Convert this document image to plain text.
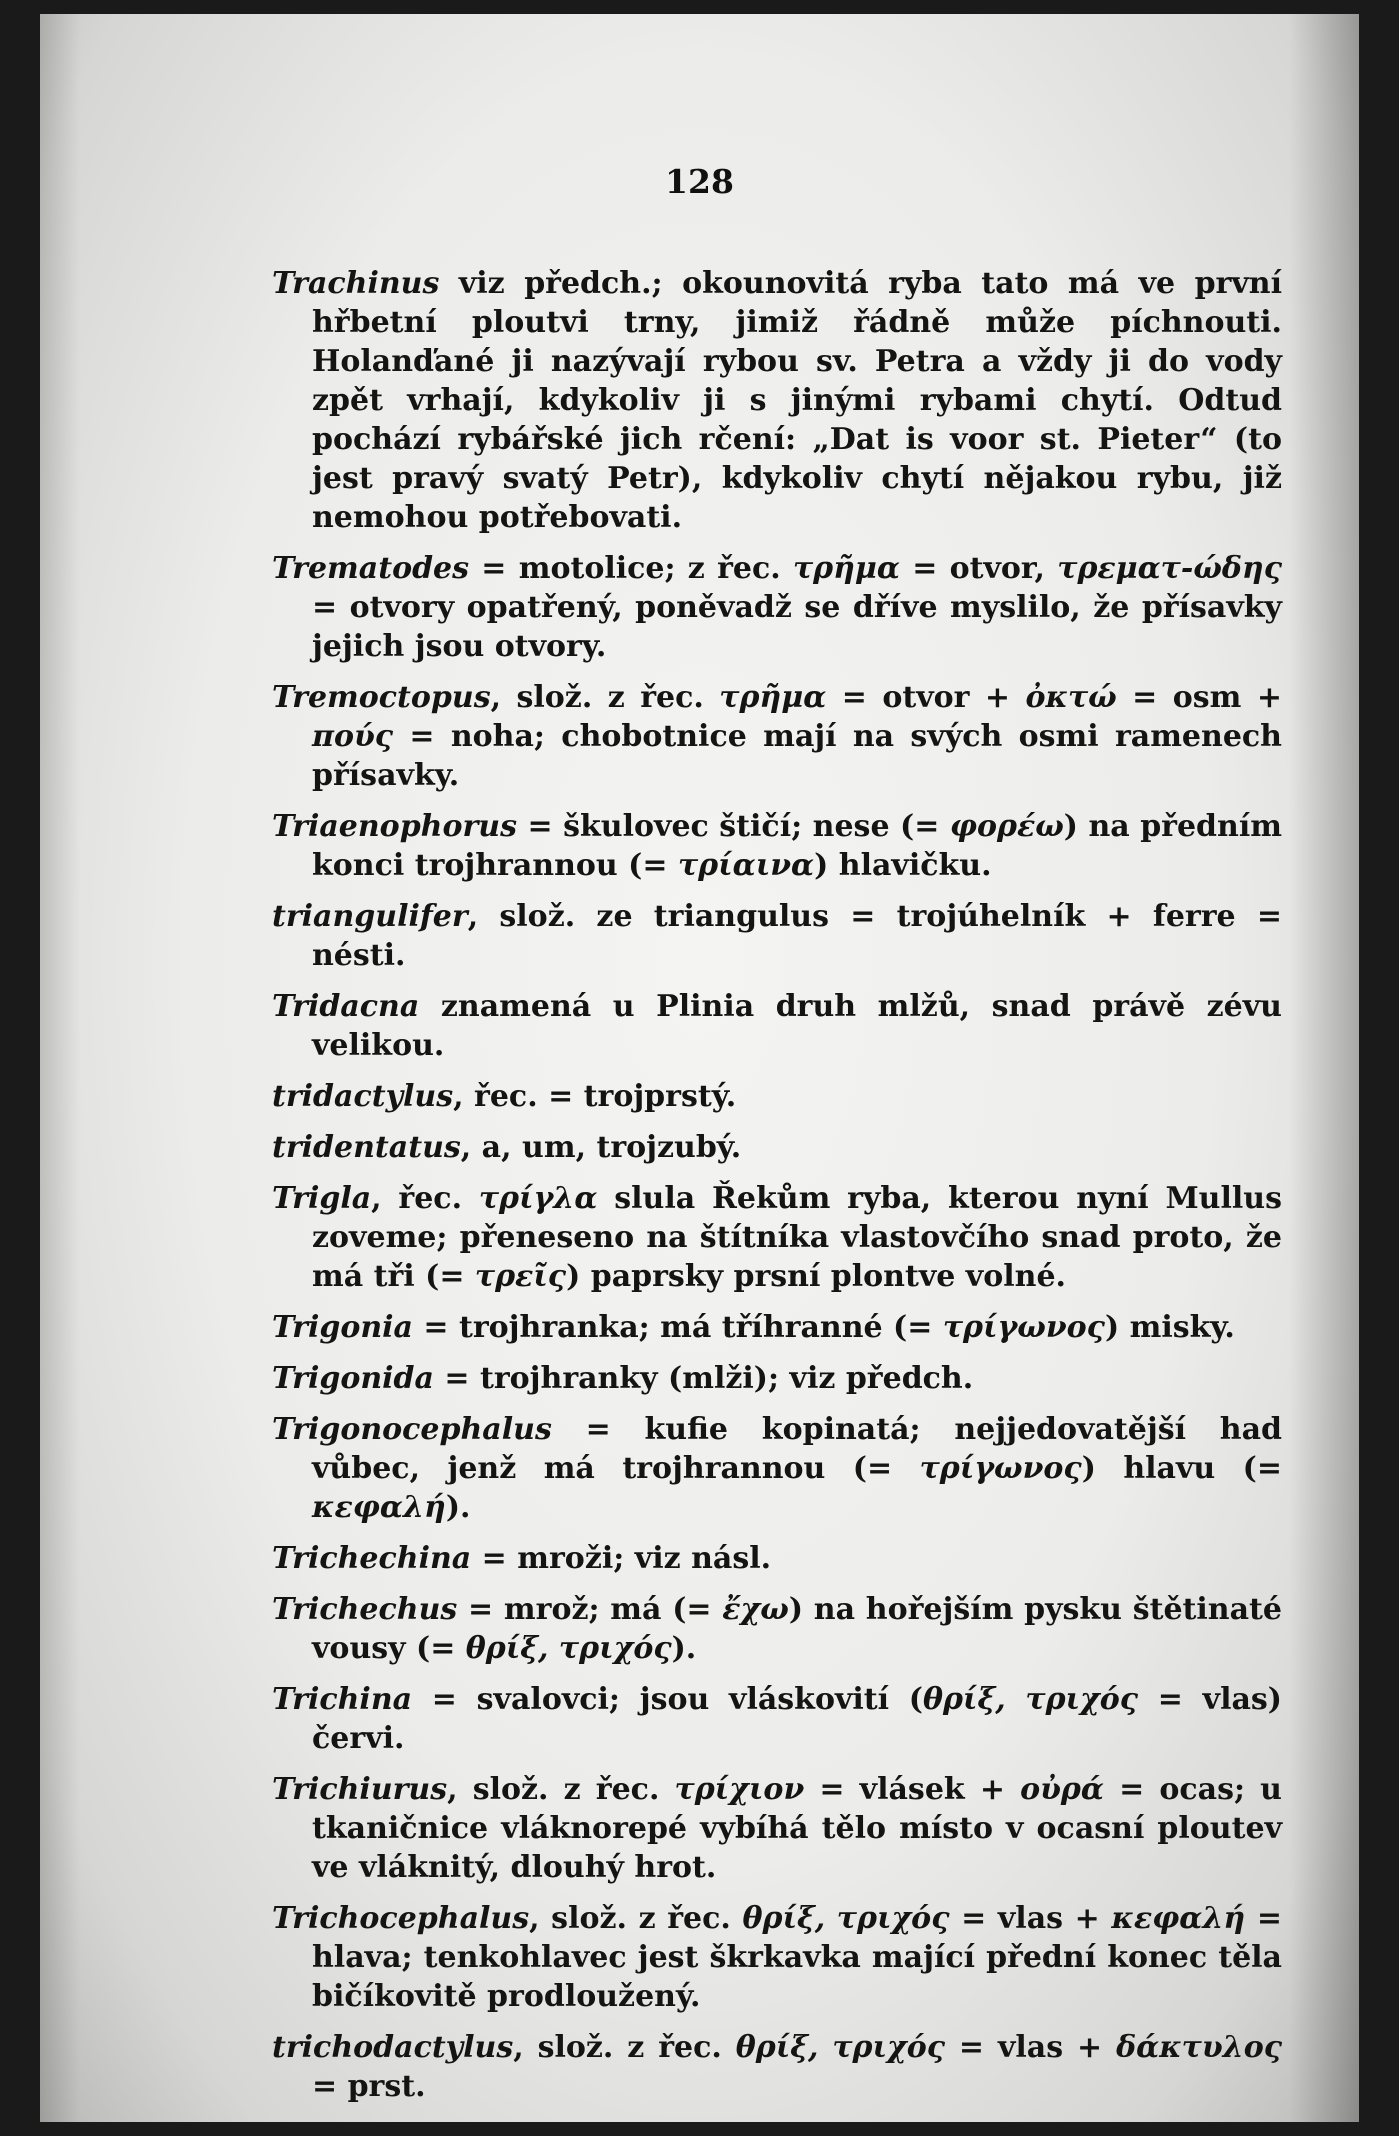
128

Trachinus viz předch.; okounovitá ryba tato má ve první hřbetní ploutvi trny, jimiž řádně může píchnouti. Holanďané ji nazývají rybou sv. Petra a vždy ji do vody zpět vrhají, kdykoliv ji s jinými rybami chytí. Odtud pochází rybářské jich rčení: „Dat is voor st. Pieter“ (to jest pravý svatý Petr), kdykoliv chytí nějakou rybu, již nemohou potřebovati.

Trematodes = motolice; z řec. τρῆμα = otvor, τρεματ-ώδης = otvory opatřený, poněvadž se dříve myslilo, že přísavky jejich jsou otvory.

Tremoctopus, slož. z řec. τρῆμα = otvor + ὀκτώ = osm + πούς = noha; chobotnice mají na svých osmi ramenech přísavky.

Triaenophorus = škulovec štičí; nese (= φορέω) na předním konci trojhrannou (= τρίαινα) hlavičku.

triangulifer, slož. ze triangulus = trojúhelník + ferre = nésti.

Tridacna znamená u Plinia druh mlžů, snad právě zévu velikou.

tridactylus, řec. = trojprstý.

tridentatus, a, um, trojzubý.

Trigla, řec. τρίγλα slula Řekům ryba, kterou nyní Mullus zoveme; přeneseno na štítníka vlastovčího snad proto, že má tři (= τρεῖς) paprsky prsní plontve volné.

Trigonia = trojhranka; má tříhranné (= τρίγωνος) misky.

Trigonida = trojhranky (mlži); viz předch.

Trigonocephalus = kufie kopinatá; nejjedovatější had vůbec, jenž má trojhrannou (= τρίγωνος) hlavu (= κεφαλή).

Trichechina = mroži; viz násl.

Trichechus = mrož; má (= ἔχω) na hořejším pysku štětinaté vousy (= θρίξ, τριχός).

Trichina = svalovci; jsou vláskovití (θρίξ, τριχός = vlas) červi.

Trichiurus, slož. z řec. τρίχιον = vlásek + οὐρά = ocas; u tkaničnice vláknorepé vybíhá tělo místo v ocasní ploutev ve vláknitý, dlouhý hrot.

Trichocephalus, slož. z řec. θρίξ, τριχός = vlas + κεφαλή = hlava; tenkohlavec jest škrkavka mající přední konec těla bičíkovitě prodloužený.

trichodactylus, slož. z řec. θρίξ, τριχός = vlas + δάκτυλος = prst.
